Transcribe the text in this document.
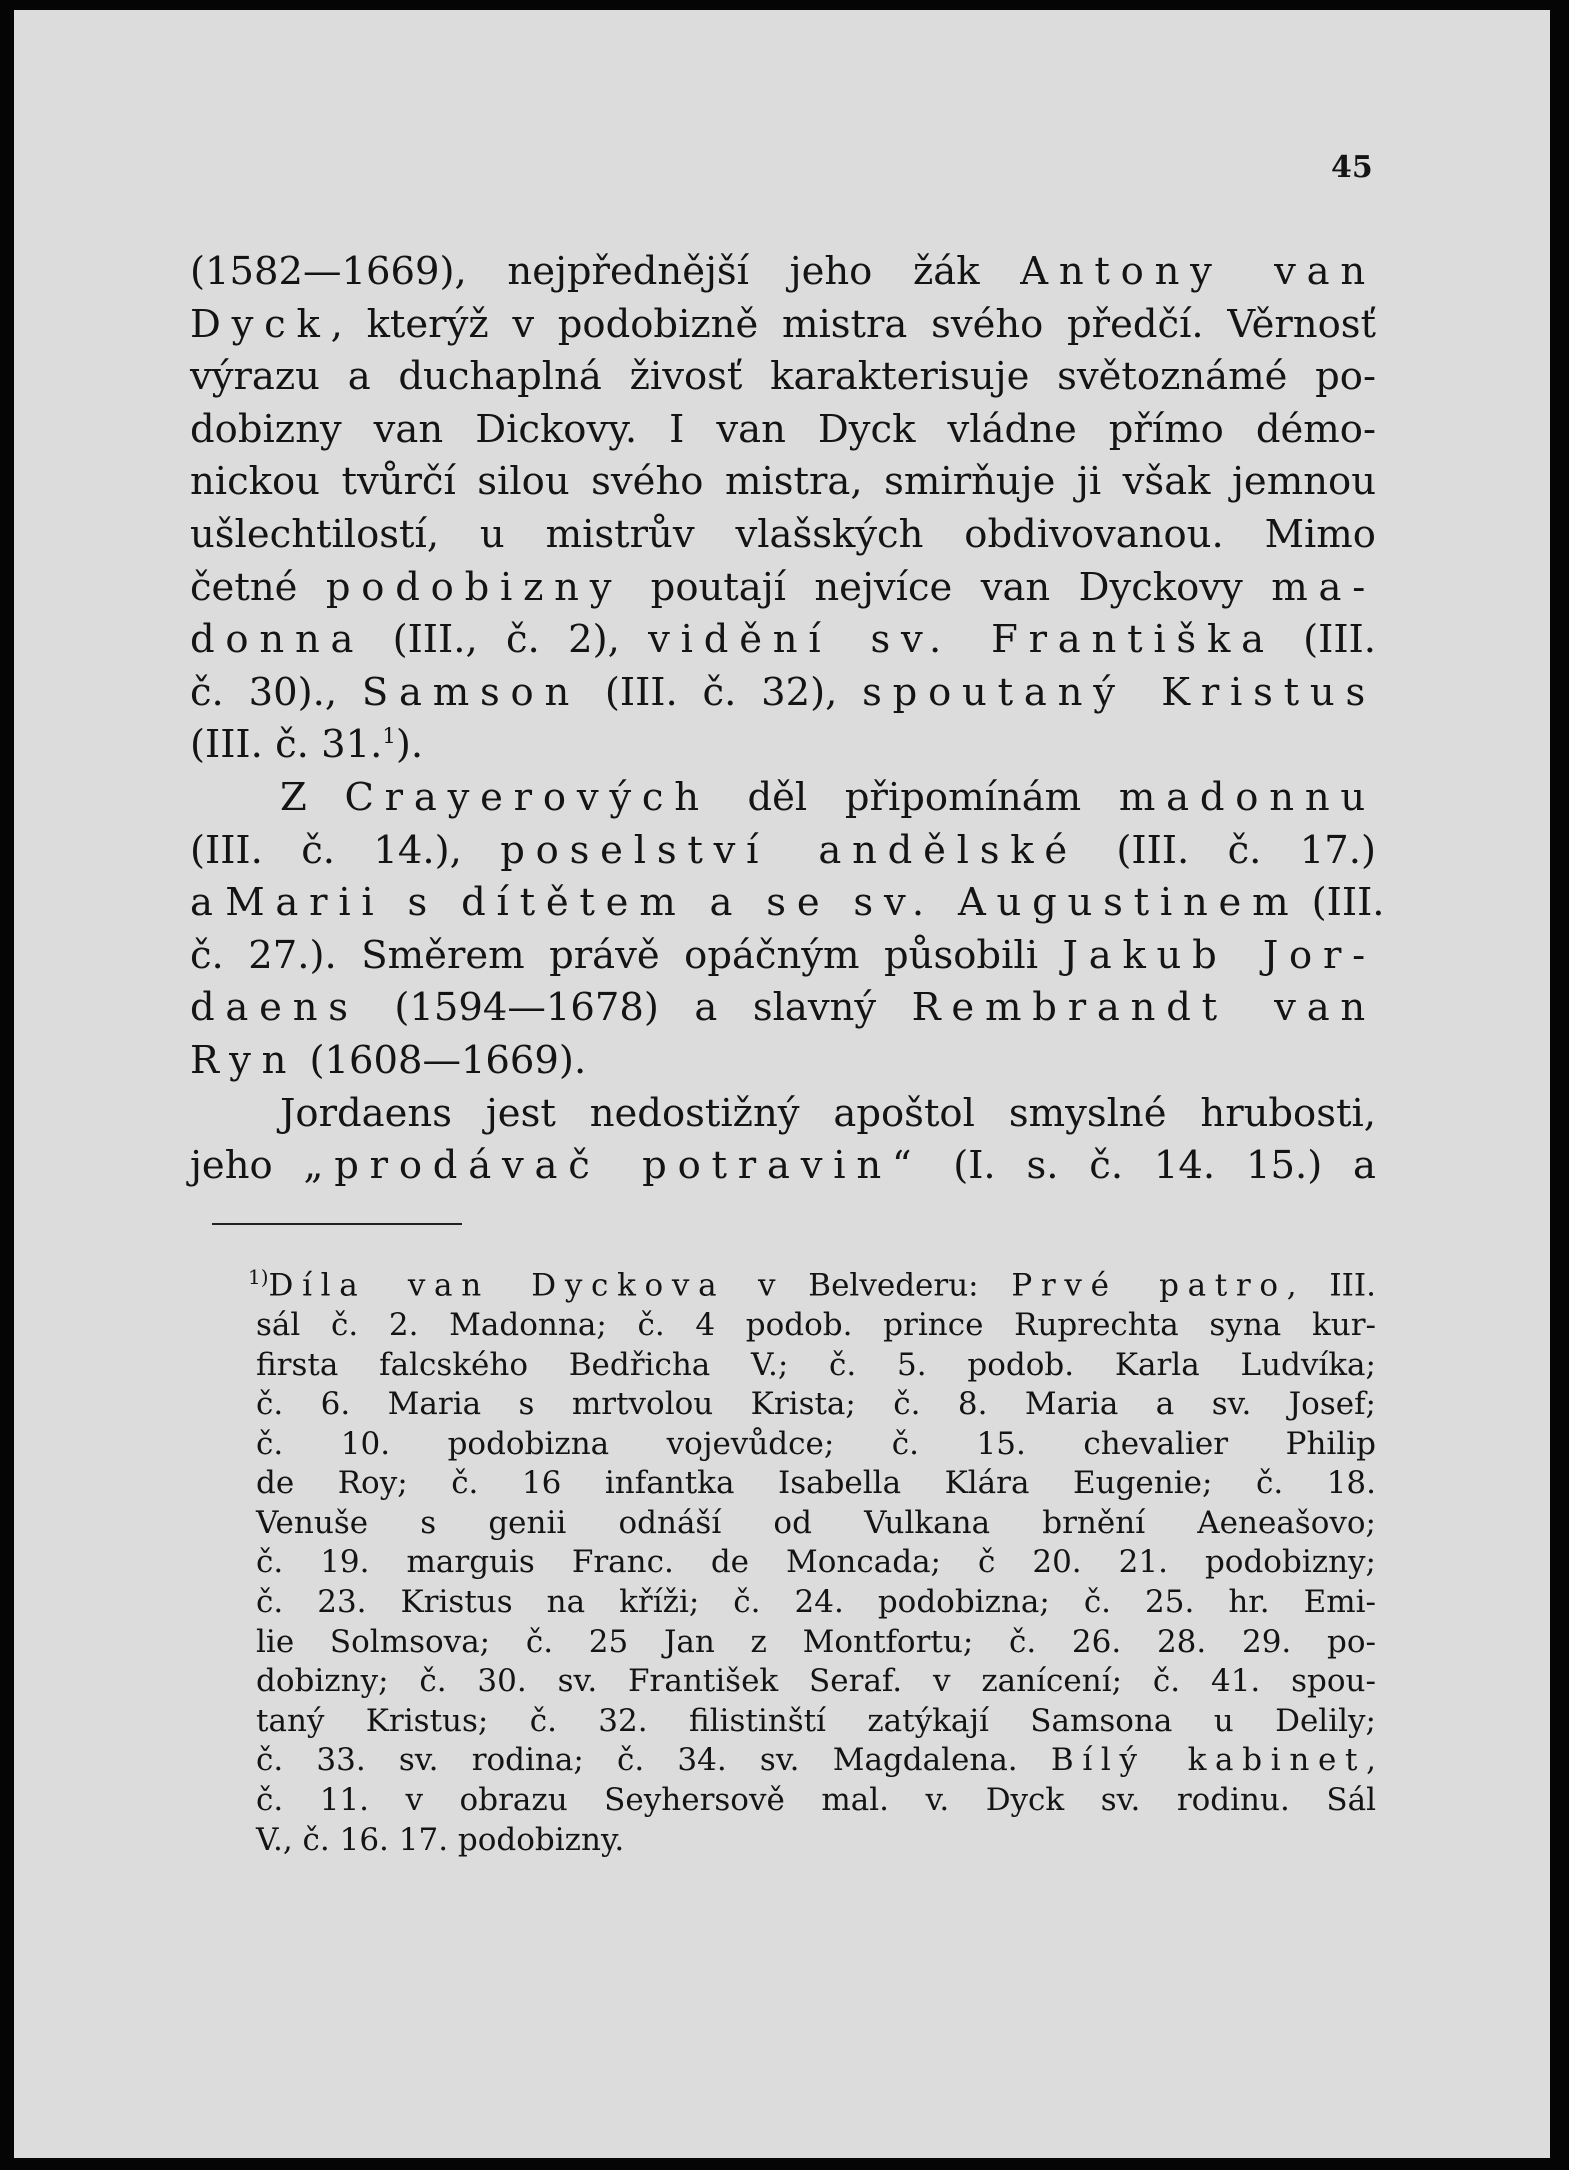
45
(1582—1669), nejpřednější jeho žák Antony van
Dyck, kterýž v podobizně mistra svého předčí. Věrnosť
výrazu a duchaplná živosť karakterisuje světoznámé po-
dobizny van Dickovy. I van Dyck vládne přímo démo-
nickou tvůrčí silou svého mistra, smirňuje ji však jemnou
ušlechtilostí, u mistrův vlašských obdivovanou. Mimo
četné podobizny poutají nejvíce van Dyckovy ma-
donna (III., č. 2), vidění sv. Františka (III.
č. 30)., Samson (III. č. 32), spoutaný Kristus
(III. č. 31.$^1$).
Z Crayerových děl připomínám madonnu
(III. č. 14.), poselství andělské (III. č. 17.)
a Marii s dítětem a se sv. Augustinem (III.
č. 27.). Směrem právě opáčným působili Jakub Jor-
daens (1594—1678) a slavný Rembrandt van
Ryn (1608—1669).
Jordaens jest nedostižný apoštol smyslné hrubosti,
jeho „prodávač potravin“ (I. s. č. 14. 15.) a
$^{1)}$Díla van Dyckova v Belvederu: Prvé patro, III.
sál č. 2. Madonna; č. 4 podob. prince Ruprechta syna kur-
firsta falcského Bedřicha V.; č. 5. podob. Karla Ludvíka;
č. 6. Maria s mrtvolou Krista; č. 8. Maria a sv. Josef;
č. 10. podobizna vojevůdce; č. 15. chevalier Philip
de Roy; č. 16 infantka Isabella Klára Eugenie; č. 18.
Venuše s genii odnáší od Vulkana brnění Aeneašovo;
č. 19. marguis Franc. de Moncada; č 20. 21. podobizny;
č. 23. Kristus na kříži; č. 24. podobizna; č. 25. hr. Emi-
lie Solmsova; č. 25 Jan z Montfortu; č. 26. 28. 29. po-
dobizny; č. 30. sv. František Seraf. v zanícení; č. 41. spou-
taný Kristus; č. 32. filistinští zatýkají Samsona u Delily;
č. 33. sv. rodina; č. 34. sv. Magdalena. Bílý kabinet,
č. 11. v obrazu Seyhersově mal. v. Dyck sv. rodinu. Sál
V., č. 16. 17. podobizny.
